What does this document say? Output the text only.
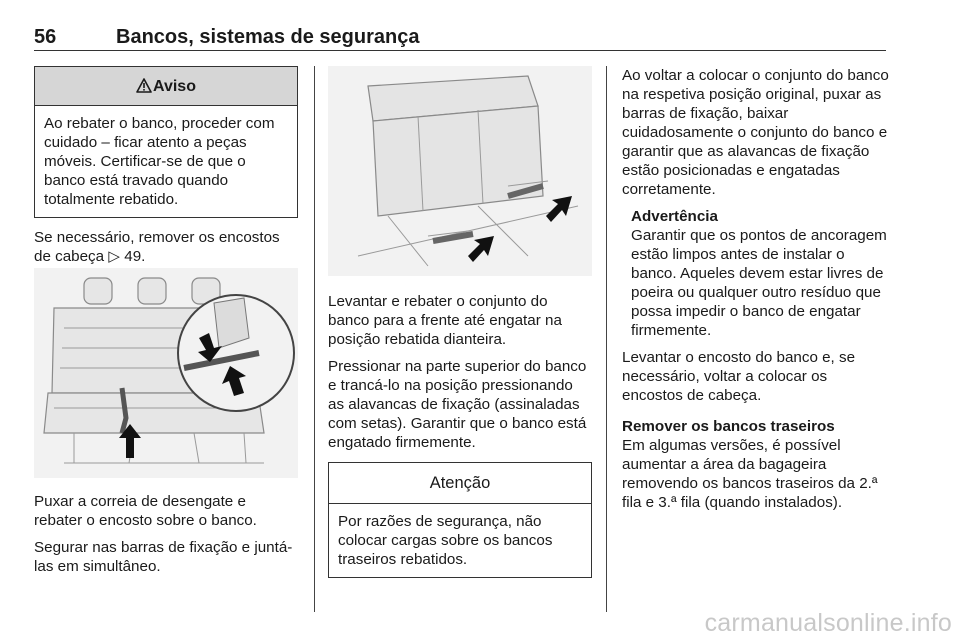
56	Bancos, sistemas de segurança
Aviso
Ao rebater o banco, proceder com cuidado – ficar atento a peças móveis. Certificar-se de que o banco está travado quando totalmente rebatido.

Se necessário, remover os encostos de cabeça ▷ 49.

Puxar a correia de desengate e rebater o encosto sobre o banco.

Segurar nas barras de fixação e juntá-las em simultâneo.

Levantar e rebater o conjunto do banco para a frente até engatar na posição rebatida dianteira.

Pressionar na parte superior do banco e trancá-lo na posição pressionando as alavancas de fixação (assinaladas com setas). Garantir que o banco está engatado firmemente.

Atenção
Por razões de segurança, não colocar cargas sobre os bancos traseiros rebatidos.

Ao voltar a colocar o conjunto do banco na respetiva posição original, puxar as barras de fixação, baixar cuidadosamente o conjunto do banco e garantir que as alavancas de fixação estão posicionadas e engatadas corretamente.

Advertência
Garantir que os pontos de ancoragem estão limpos antes de instalar o banco. Aqueles devem estar livres de poeira ou qualquer outro resíduo que possa impedir o banco de engatar firmemente.

Levantar o encosto do banco e, se necessário, voltar a colocar os encostos de cabeça.

Remover os bancos traseiros

Em algumas versões, é possível aumentar a área da bagageira removendo os bancos traseiros da 2.ª fila e 3.ª fila (quando instalados).

carmanualsonline.info
